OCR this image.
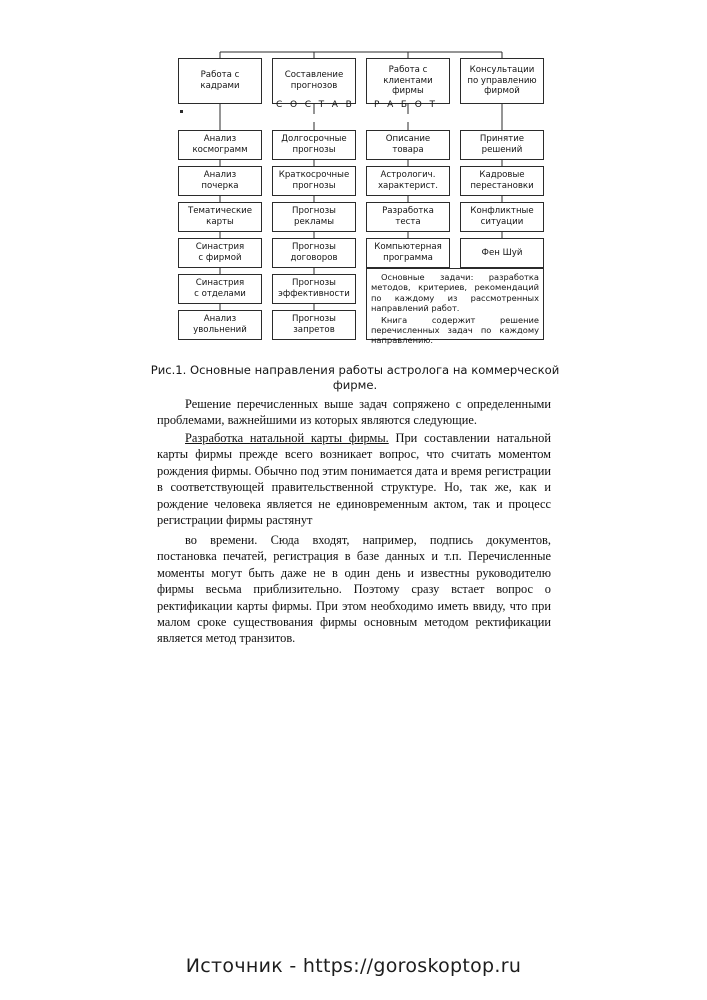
Работа с
кадрами
Анализ
космограмм
Анализ
почерка
Тематические
карты
Синастрия
с фирмой
Синастрия
с отделами
Анализ
увольнений
Составление
прогнозов
Долгосрочные
прогнозы
Краткосрочные
прогнозы
Прогнозы
рекламы
Прогнозы
договоров
Прогнозы
эффективности
Прогнозы
запретов
Работа с
клиентами
фирмы
Описание
товара
Астрологич.
характерист.
Разработка
теста
Компьютерная
программа
Консультации
по управлению
фирмой
Принятие
решений
Кадровые
перестановки
Конфликтные
ситуации
Фен Шуй
С О С Т А В Р А Б О Т

Основные задачи: разработка методов, критериев, рекомендаций по каждому из рассмотренных направлений работ.

Книга содержит решение перечисленных задач по каждому направлению.

Рис.1. Основные направления работы астролога на коммерческой фирме.
Решение перечисленных выше задач сопряжено с определенными проблемами, важнейшими из которых являются следующие.
Разработка натальной карты фирмы. При составлении натальной карты фирмы прежде всего возникает вопрос, что считать моментом рождения фирмы. Обычно под этим понимается дата и время регистрации в соответствующей правительственной структуре. Но, так же, как и рождение человека является не единовременным актом, так и процесс регистрации фирмы растянут
во времени. Сюда входят, например, подпись документов, постановка печатей, регистрация в базе данных и т.п. Перечисленные моменты могут быть даже не в один день и известны руководителю фирмы весьма приблизительно. Поэтому сразу встает вопрос о ректификации карты фирмы. При этом необходимо иметь ввиду, что при малом сроке существования фирмы основным методом ректификации является метод транзитов.
Источник - https://goroskoptop.ru
